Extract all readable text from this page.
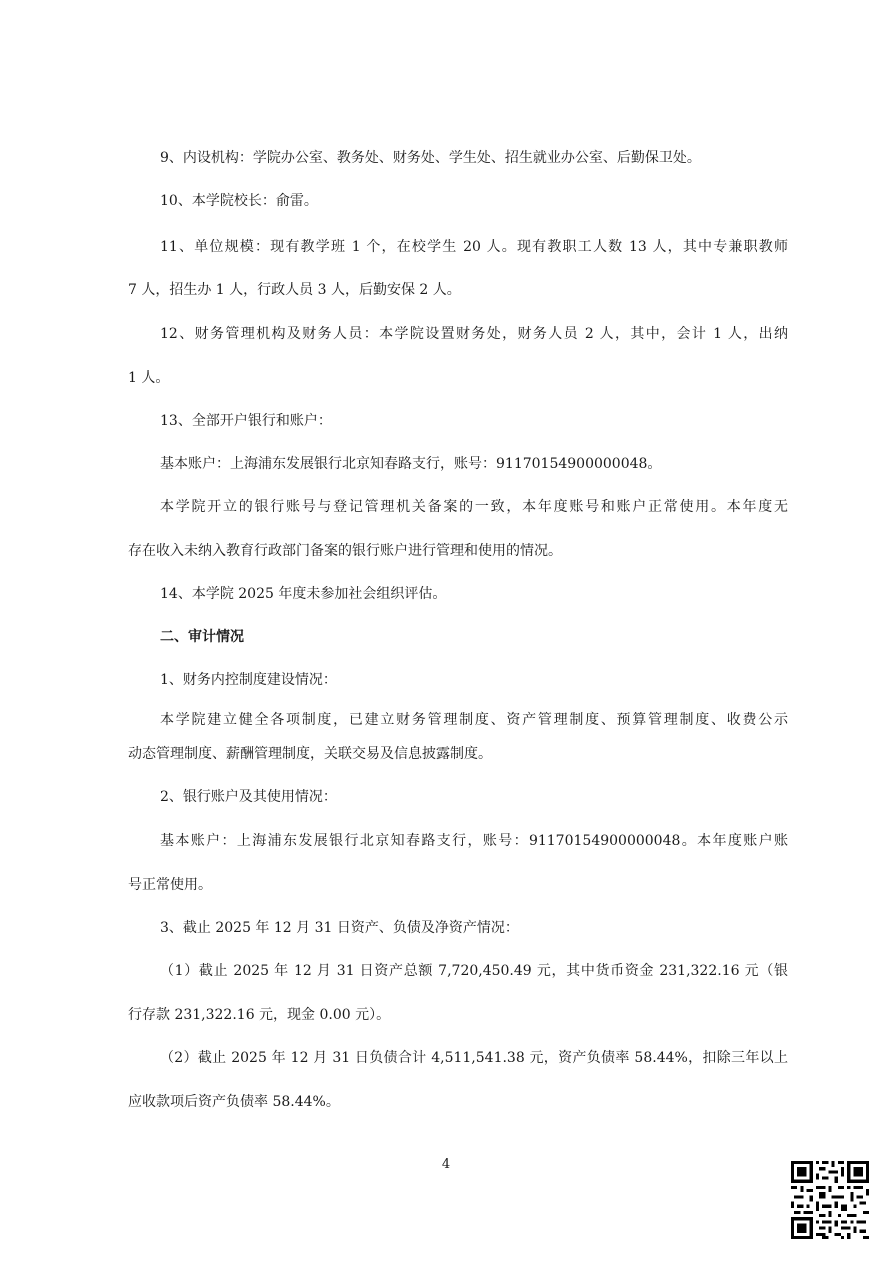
9、内设机构：学院办公室、教务处、财务处、学生处、招生就业办公室、后勤保卫处。
10、本学院校长：俞雷。
11、单位规模：现有教学班 1 个，在校学生 20 人。现有教职工人数 13 人，其中专兼职教师
7 人，招生办 1 人，行政人员 3 人，后勤安保 2 人。
12、财务管理机构及财务人员：本学院设置财务处，财务人员 2 人，其中，会计 1 人，出纳
1 人。
13、全部开户银行和账户：
基本账户：上海浦东发展银行北京知春路支行，账号：91170154900000048。
本学院开立的银行账号与登记管理机关备案的一致，本年度账号和账户正常使用。本年度无
存在收入未纳入教育行政部门备案的银行账户进行管理和使用的情况。
14、本学院 2025 年度未参加社会组织评估。
二、审计情况
1、财务内控制度建设情况：
本学院建立健全各项制度，已建立财务管理制度、资产管理制度、预算管理制度、收费公示
动态管理制度、薪酬管理制度，关联交易及信息披露制度。
2、银行账户及其使用情况：
基本账户：上海浦东发展银行北京知春路支行，账号：91170154900000048。本年度账户账
号正常使用。
3、截止 2025 年 12 月 31 日资产、负债及净资产情况：
（1）截止 2025 年 12 月 31 日资产总额 7,720,450.49 元，其中货币资金 231,322.16 元（银
行存款 231,322.16 元，现金 0.00 元）。
（2）截止 2025 年 12 月 31 日负债合计 4,511,541.38 元，资产负债率 58.44%，扣除三年以上
应收款项后资产负债率 58.44%。
4
